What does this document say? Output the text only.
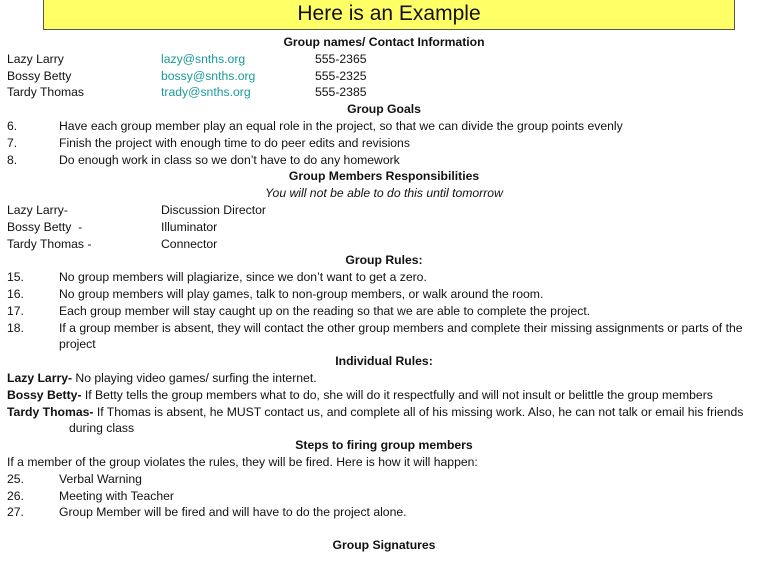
Here is an Example
Group names/ Contact Information
Lazy Larry	lazy@snths.org	555-2365
Bossy Betty	bossy@snths.org	555-2325
Tardy Thomas	trady@snths.org	555-2385
Group Goals
6.	Have each group member play an equal role in the project, so that we can divide the group points evenly
7.	Finish the project with enough time to do peer edits and revisions
8.	Do enough work in class so we don’t have to do any homework
Group Members Responsibilities
You will not be able to do this until tomorrow
Lazy Larry-	Discussion Director
Bossy Betty  -	Illuminator
Tardy Thomas -	Connector
Group Rules:
15.	No group members will plagiarize, since we don’t want to get a zero.
16.	No group members will play games, talk to non-group members, or walk around the room.
17.	Each group member will stay caught up on the reading so that we are able to complete the project.
18.	If a group member is absent, they will contact the other group members and complete their missing assignments or parts of the project
Individual Rules:
Lazy Larry- No playing video games/ surfing the internet.
Bossy Betty- If Betty tells the group members what to do, she will do it respectfully and will not insult or belittle the group members
Tardy Thomas- If Thomas is absent, he MUST contact us, and complete all of his missing work. Also, he can not talk or email his friends during class
Steps to firing group members
If a member of the group violates the rules, they will be fired. Here is how it will happen:
25.	Verbal Warning
26.	Meeting with Teacher
27.	Group Member will be fired and will have to do the project alone.
Group Signatures
